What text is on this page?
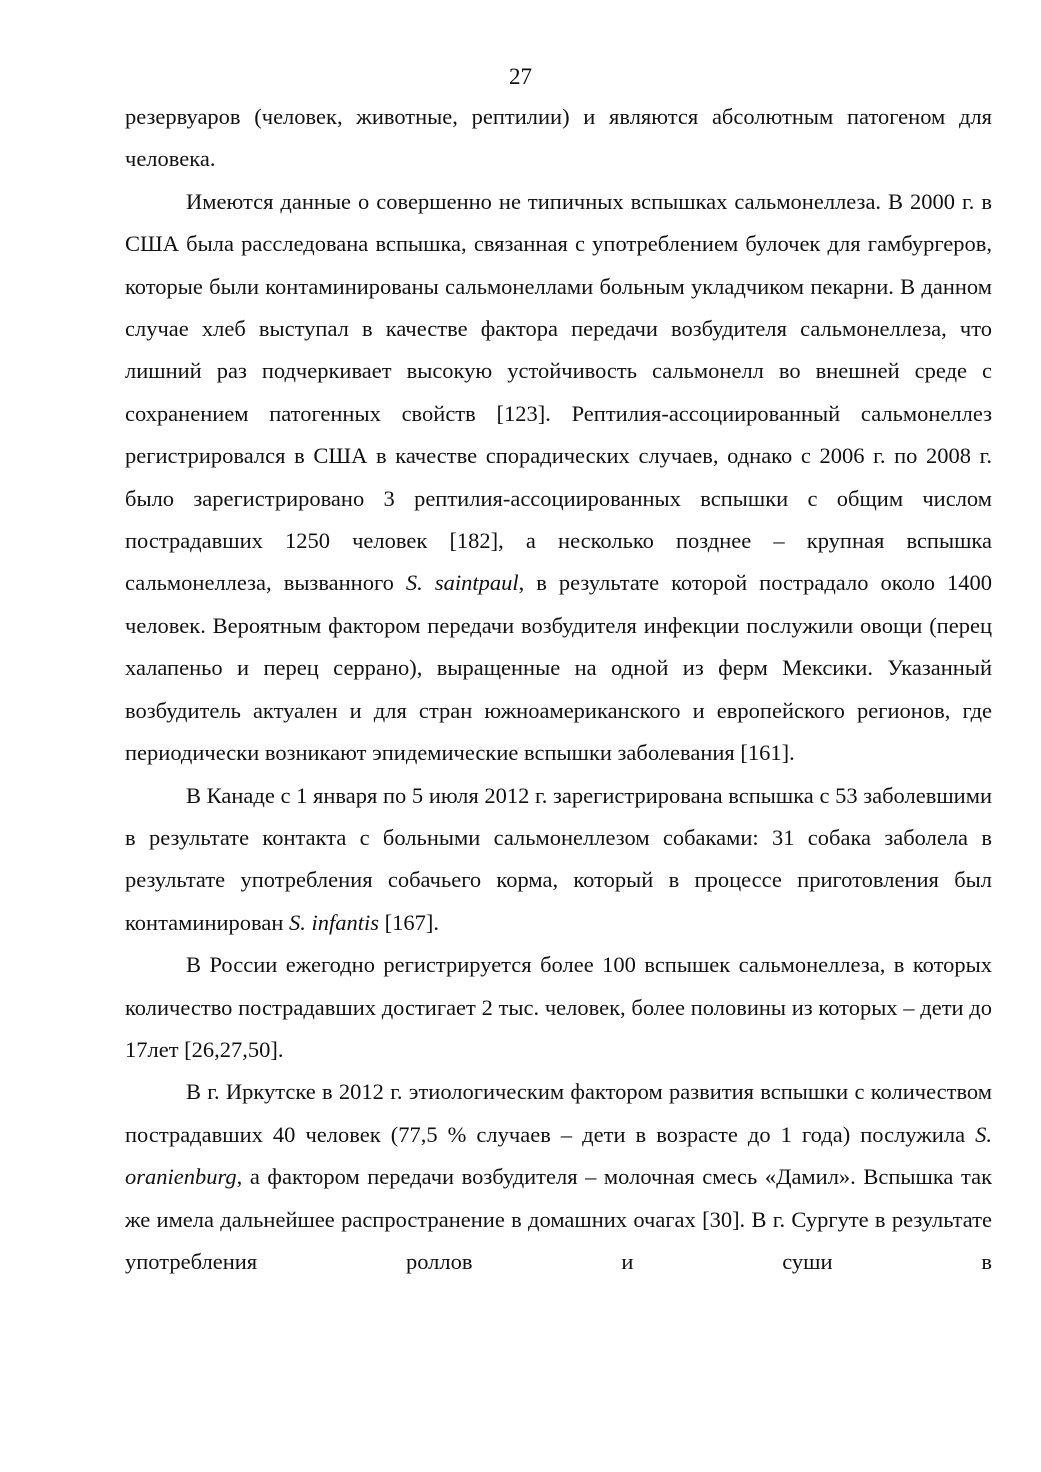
27

резервуаров (человек, животные, рептилии) и являются абсолютным патогеном для человека.

Имеются данные о совершенно не типичных вспышках сальмонеллеза. В 2000 г. в США была расследована вспышка, связанная с употреблением булочек для гамбургеров, которые были контаминированы сальмонеллами больным укладчиком пекарни. В данном случае хлеб выступал в качестве фактора передачи возбудителя сальмонеллеза, что лишний раз подчеркивает высокую устойчивость сальмонелл во внешней среде с сохранением патогенных свойств [123]. Рептилия-ассоциированный сальмонеллез регистрировался в США в качестве спорадических случаев, однако с 2006 г. по 2008 г. было зарегистрировано 3 рептилия-ассоциированных вспышки с общим числом пострадавших 1250 человек [182], а несколько позднее – крупная вспышка сальмонеллеза, вызванного S. saintpaul, в результате которой пострадало около 1400 человек. Вероятным фактором передачи возбудителя инфекции послужили овощи (перец халапеньо и перец серрано), выращенные на одной из ферм Мексики. Указанный возбудитель актуален и для стран южноамериканского и европейского регионов, где периодически возникают эпидемические вспышки заболевания [161].

В Канаде с 1 января по 5 июля 2012 г. зарегистрирована вспышка с 53 заболевшими в результате контакта с больными сальмонеллезом собаками: 31 собака заболела в результате употребления собачьего корма, который в процессе приготовления был контаминирован S. infantis [167].

В России ежегодно регистрируется более 100 вспышек сальмонеллеза, в которых количество пострадавших достигает 2 тыс. человек, более половины из которых – дети до 17лет [26,27,50].

В г. Иркутске в 2012 г. этиологическим фактором развития вспышки с количеством пострадавших 40 человек (77,5 % случаев – дети в возрасте до 1 года) послужила S. oranienburg, а фактором передачи возбудителя – молочная смесь «Дамил». Вспышка так же имела дальнейшее распространение в домашних очагах [30]. В г. Сургуте в результате употребления роллов и суши в
